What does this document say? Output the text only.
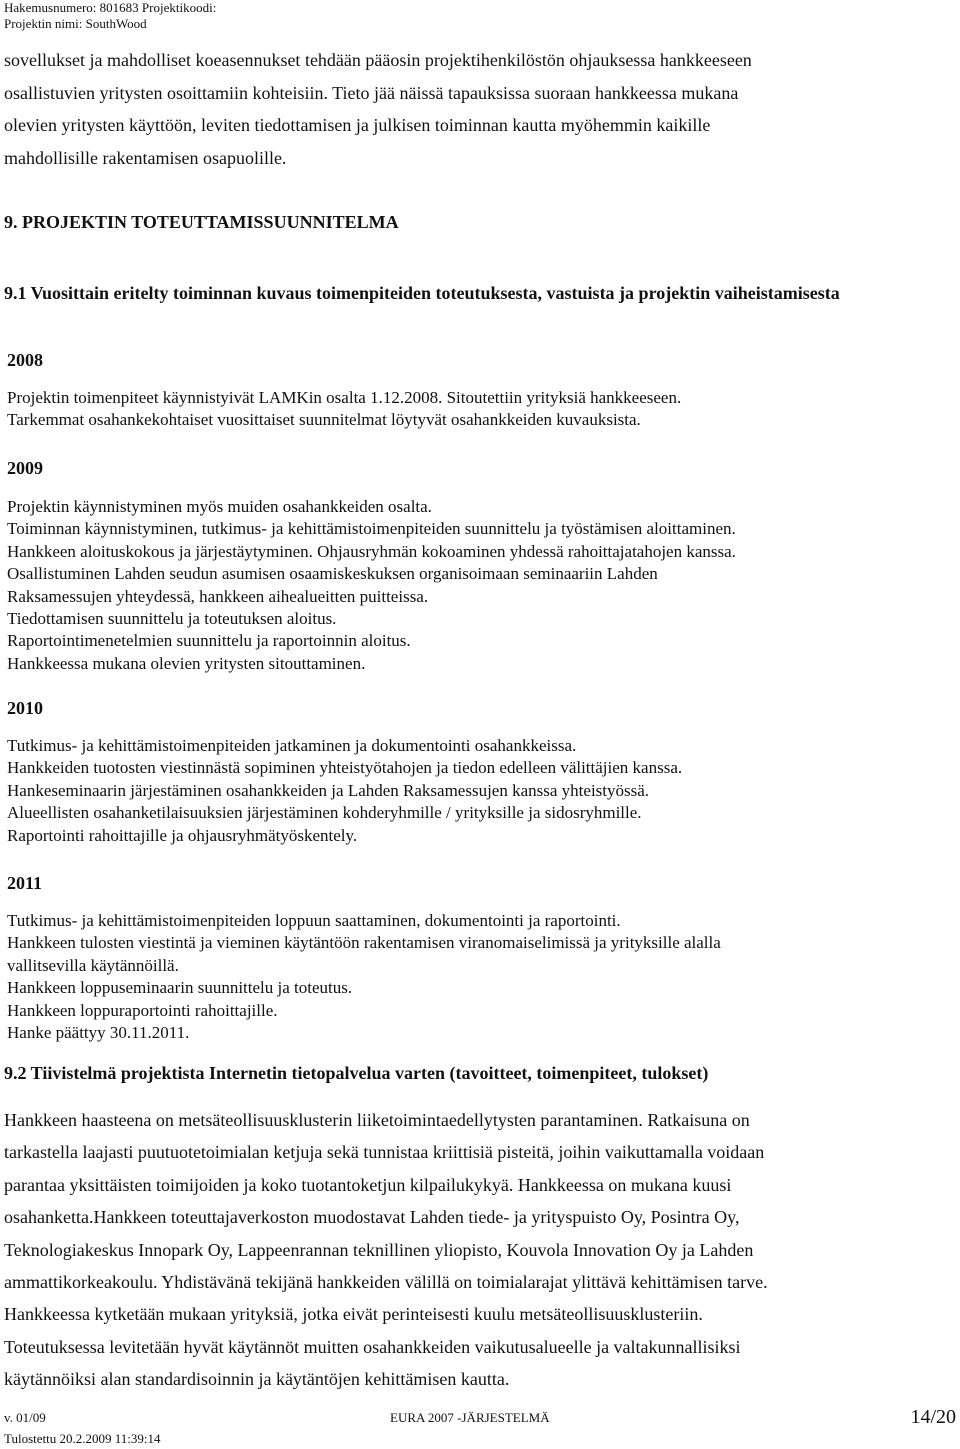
Hakemusnumero: 801683 Projektikoodi:
Projektin nimi: SouthWood
sovellukset ja mahdolliset koeasennukset tehdään pääosin projektihenkilöstön ohjauksessa hankkeeseen
osallistuvien yritysten osoittamiin kohteisiin. Tieto jää näissä tapauksissa suoraan hankkeessa mukana
olevien yritysten käyttöön, leviten tiedottamisen ja julkisen toiminnan kautta myöhemmin kaikille
mahdollisille rakentamisen osapuolille.
9. PROJEKTIN TOTEUTTAMISSUUNNITELMA
9.1 Vuosittain eritelty toiminnan kuvaus toimenpiteiden toteutuksesta, vastuista ja projektin vaiheistamisesta
2008
Projektin toimenpiteet käynnistyivät LAMKin osalta 1.12.2008. Sitoutettiin yrityksiä hankkeeseen.
Tarkemmat osahankekohtaiset vuosittaiset suunnitelmat löytyvät osahankkeiden kuvauksista.
2009
Projektin käynnistyminen myös muiden osahankkeiden osalta.
Toiminnan käynnistyminen, tutkimus- ja kehittämistoimenpiteiden suunnittelu ja työstämisen aloittaminen.
Hankkeen aloituskokous ja järjestäytyminen. Ohjausryhmän kokoaminen yhdessä rahoittajatahojen kanssa.
Osallistuminen Lahden seudun asumisen osaamiskeskuksen organisoimaan seminaariin Lahden
Raksamessujen yhteydessä, hankkeen aihealueitten puitteissa.
Tiedottamisen suunnittelu ja toteutuksen aloitus.
Raportointimenetelmien suunnittelu ja raportoinnin aloitus.
Hankkeessa mukana olevien yritysten sitouttaminen.
2010
Tutkimus- ja kehittämistoimenpiteiden jatkaminen ja dokumentointi osahankkeissa.
Hankkeiden tuotosten viestinnästä sopiminen yhteistyötahojen ja tiedon edelleen välittäjien kanssa.
Hankeseminaarin järjestäminen osahankkeiden ja Lahden Raksamessujen kanssa yhteistyössä.
Alueellisten osahanketilaisuuksien järjestäminen kohderyhmille / yrityksille ja sidosryhmille.
Raportointi rahoittajille ja ohjausryhmätyöskentely.
2011
Tutkimus- ja kehittämistoimenpiteiden loppuun saattaminen, dokumentointi ja raportointi.
Hankkeen tulosten viestintä ja vieminen käytäntöön rakentamisen viranomaiselimissä ja yrityksille alalla
vallitsevilla käytännöillä.
Hankkeen loppuseminaarin suunnittelu ja toteutus.
Hankkeen loppuraportointi rahoittajille.
Hanke päättyy 30.11.2011.
9.2 Tiivistelmä projektista Internetin tietopalvelua varten (tavoitteet, toimenpiteet, tulokset)
Hankkeen haasteena on metsäteollisuusklusterin liiketoimintaedellytysten parantaminen. Ratkaisuna on
tarkastella laajasti puutuotetoimialan ketjuja sekä tunnistaa kriittisiä pisteitä, joihin vaikuttamalla voidaan
parantaa yksittäisten toimijoiden ja koko tuotantoketjun kilpailukykyä. Hankkeessa on mukana kuusi
osahanketta.Hankkeen toteuttajaverkoston muodostavat Lahden tiede- ja yrityspuisto Oy, Posintra Oy,
Teknologiakeskus Innopark Oy, Lappeenrannan teknillinen yliopisto, Kouvola Innovation Oy ja Lahden
ammattikorkeakoulu. Yhdistävänä tekijänä hankkeiden välillä on toimialarajat ylittävä kehittämisen tarve.
Hankkeessa kytketään mukaan yrityksiä, jotka eivät perinteisesti kuulu metsäteollisuusklusteriin.
Toteutuksessa levitetään hyvät käytännöt muitten osahankkeiden vaikutusalueelle ja valtakunnallisiksi
käytännöiksi alan standardisoinnin ja käytäntöjen kehittämisen kautta.
v. 01/09	EURA 2007 -JÄRJESTELMÄ	14/20
Tulostettu 20.2.2009 11:39:14
